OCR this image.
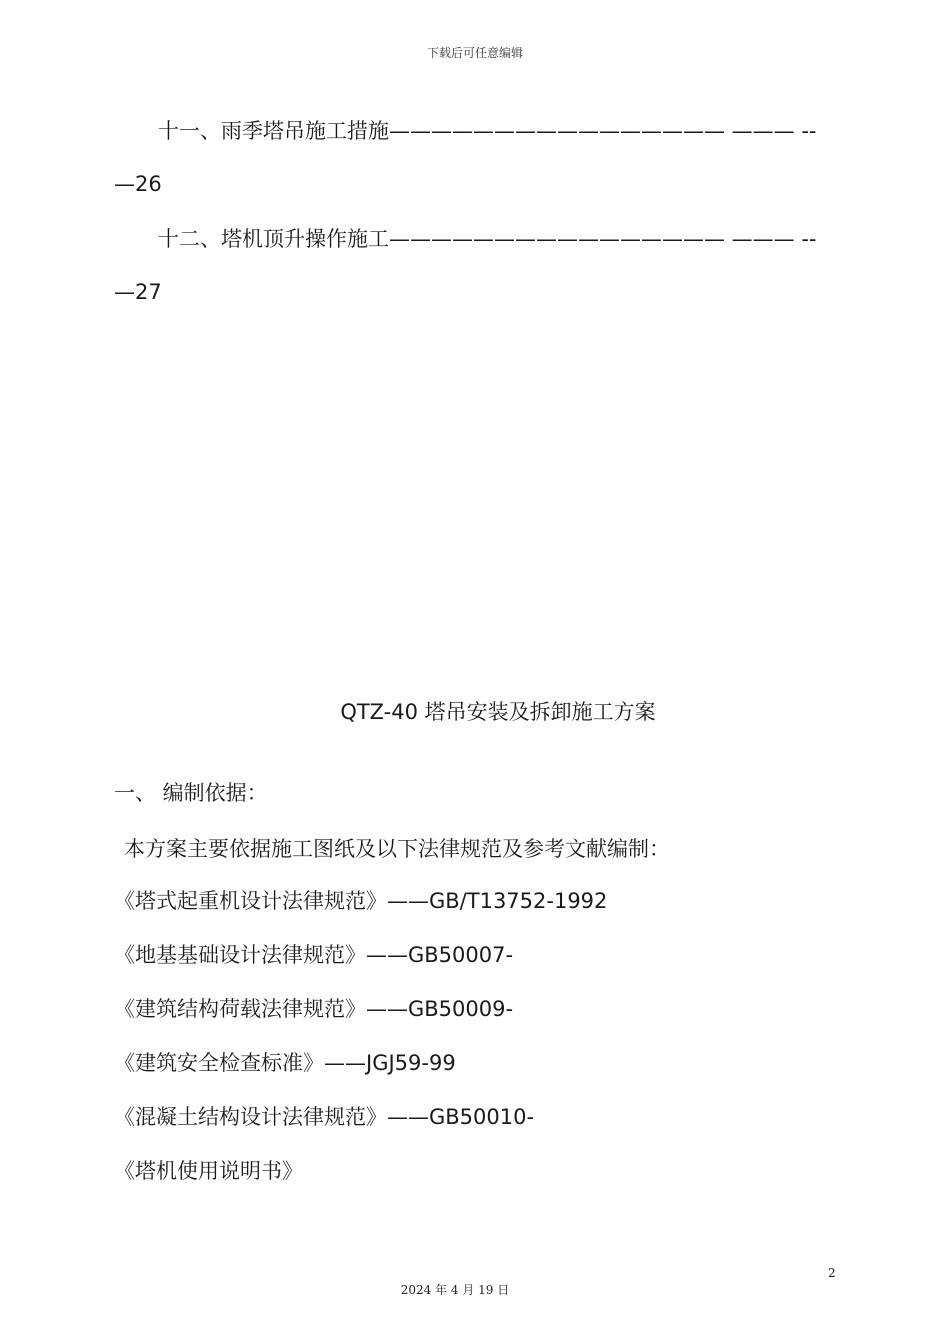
下载后可任意编辑
十一、雨季塔吊施工措施———————————————— ——— --
—26
十二、塔机顶升操作施工———————————————— ——— --
—27
QTZ-40 塔吊安装及拆卸施工方案
一、 编制依据：
本方案主要依据施工图纸及以下法律规范及参考文献编制：
《塔式起重机设计法律规范》——GB/T13752-1992
《地基基础设计法律规范》——GB50007-
《建筑结构荷载法律规范》——GB50009-
《建筑安全检查标准》——JGJ59-99
《混凝土结构设计法律规范》——GB50010-
《塔机使用说明书》
2
2024 年 4 月 19 日
